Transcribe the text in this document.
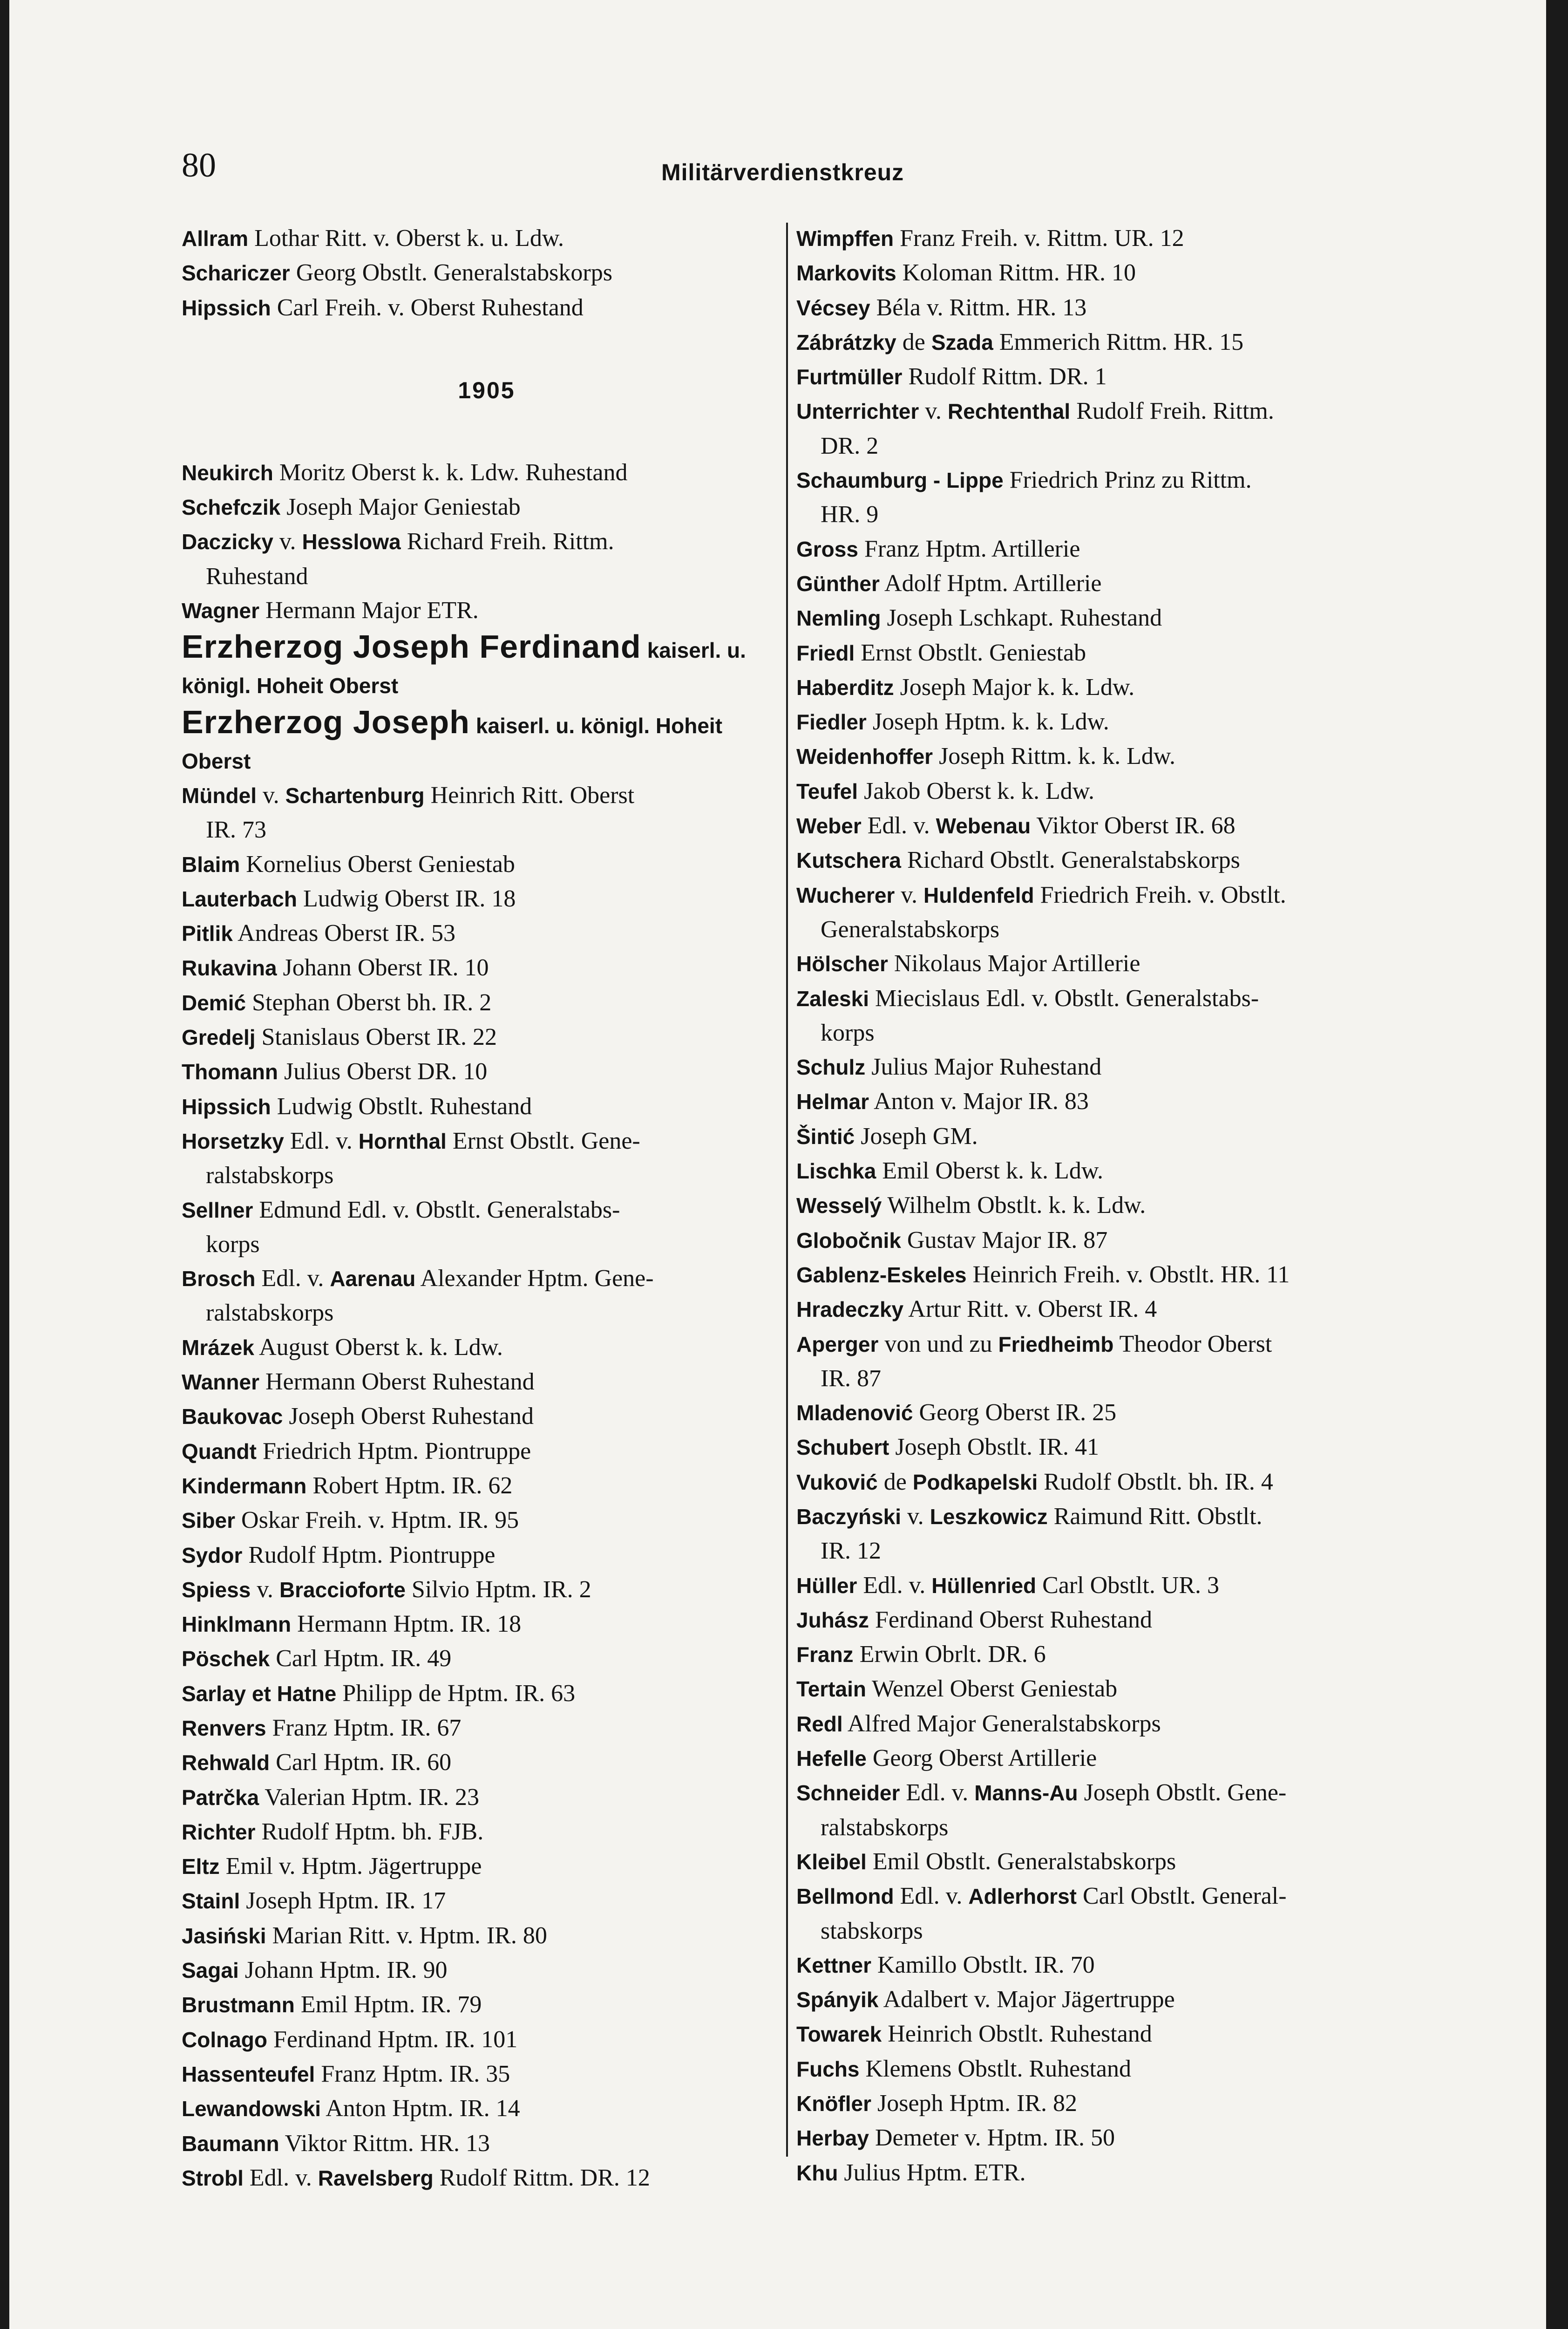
80	Militärverdienstkreuz
Allram Lothar Ritt. v. Oberst k. u. Ldw.
Schariczer Georg Obstlt. Generalstabskorps
Hipssich Carl Freih. v. Oberst Ruhestand
1905
Neukirch Moritz Oberst k. k. Ldw. Ruhestand
Schefczik Joseph Major Geniestab
Daczicky v. Hesslowa Richard Freih. Rittm.
Ruhestand
Wagner Hermann Major ETR.
Erzherzog Joseph Ferdinand kaiserl. u.
königl. Hoheit Oberst
Erzherzog Joseph kaiserl. u. königl. Hoheit
Oberst
Mündel v. Schartenburg Heinrich Ritt. Oberst
IR. 73
Blaim Kornelius Oberst Geniestab
Lauterbach Ludwig Oberst IR. 18
Pitlik Andreas Oberst IR. 53
Rukavina Johann Oberst IR. 10
Demić Stephan Oberst bh. IR. 2
Gredelj Stanislaus Oberst IR. 22
Thomann Julius Oberst DR. 10
Hipssich Ludwig Obstlt. Ruhestand
Horsetzky Edl. v. Hornthal Ernst Obstlt. Gene-
ralstabskorps
Sellner Edmund Edl. v. Obstlt. Generalstabs-
korps
Brosch Edl. v. Aarenau Alexander Hptm. Gene-
ralstabskorps
Mrázek August Oberst k. k. Ldw.
Wanner Hermann Oberst Ruhestand
Baukovac Joseph Oberst Ruhestand
Quandt Friedrich Hptm. Piontruppe
Kindermann Robert Hptm. IR. 62
Siber Oskar Freih. v. Hptm. IR. 95
Sydor Rudolf Hptm. Piontruppe
Spiess v. Braccioforte Silvio Hptm. IR. 2
Hinklmann Hermann Hptm. IR. 18
Pöschek Carl Hptm. IR. 49
Sarlay et Hatne Philipp de Hptm. IR. 63
Renvers Franz Hptm. IR. 67
Rehwald Carl Hptm. IR. 60
Patrčka Valerian Hptm. IR. 23
Richter Rudolf Hptm. bh. FJB.
Eltz Emil v. Hptm. Jägertruppe
Stainl Joseph Hptm. IR. 17
Jasiński Marian Ritt. v. Hptm. IR. 80
Sagai Johann Hptm. IR. 90
Brustmann Emil Hptm. IR. 79
Colnago Ferdinand Hptm. IR. 101
Hassenteufel Franz Hptm. IR. 35
Lewandowski Anton Hptm. IR. 14
Baumann Viktor Rittm. HR. 13
Strobl Edl. v. Ravelsberg Rudolf Rittm. DR. 12
Wimpffen Franz Freih. v. Rittm. UR. 12
Markovits Koloman Rittm. HR. 10
Vécsey Béla v. Rittm. HR. 13
Zábrátzky de Szada Emmerich Rittm. HR. 15
Furtmüller Rudolf Rittm. DR. 1
Unterrichter v. Rechtenthal Rudolf Freih. Rittm.
DR. 2
Schaumburg - Lippe Friedrich Prinz zu Rittm.
HR. 9
Gross Franz Hptm. Artillerie
Günther Adolf Hptm. Artillerie
Nemling Joseph Lschkapt. Ruhestand
Friedl Ernst Obstlt. Geniestab
Haberditz Joseph Major k. k. Ldw.
Fiedler Joseph Hptm. k. k. Ldw.
Weidenhoffer Joseph Rittm. k. k. Ldw.
Teufel Jakob Oberst k. k. Ldw.
Weber Edl. v. Webenau Viktor Oberst IR. 68
Kutschera Richard Obstlt. Generalstabskorps
Wucherer v. Huldenfeld Friedrich Freih. v. Obstlt.
Generalstabskorps
Hölscher Nikolaus Major Artillerie
Zaleski Miecislaus Edl. v. Obstlt. Generalstabs-
korps
Schulz Julius Major Ruhestand
Helmar Anton v. Major IR. 83
Šintić Joseph GM.
Lischka Emil Oberst k. k. Ldw.
Wesselý Wilhelm Obstlt. k. k. Ldw.
Globočnik Gustav Major IR. 87
Gablenz-Eskeles Heinrich Freih. v. Obstlt. HR. 11
Hradeczky Artur Ritt. v. Oberst IR. 4
Aperger von und zu Friedheimb Theodor Oberst
IR. 87
Mladenović Georg Oberst IR. 25
Schubert Joseph Obstlt. IR. 41
Vuković de Podkapelski Rudolf Obstlt. bh. IR. 4
Baczyński v. Leszkowicz Raimund Ritt. Obstlt.
IR. 12
Hüller Edl. v. Hüllenried Carl Obstlt. UR. 3
Juhász Ferdinand Oberst Ruhestand
Franz Erwin Obrlt. DR. 6
Tertain Wenzel Oberst Geniestab
Redl Alfred Major Generalstabskorps
Hefelle Georg Oberst Artillerie
Schneider Edl. v. Manns-Au Joseph Obstlt. Gene-
ralstabskorps
Kleibel Emil Obstlt. Generalstabskorps
Bellmond Edl. v. Adlerhorst Carl Obstlt. General-
stabskorps
Kettner Kamillo Obstlt. IR. 70
Spányik Adalbert v. Major Jägertruppe
Towarek Heinrich Obstlt. Ruhestand
Fuchs Klemens Obstlt. Ruhestand
Knöfler Joseph Hptm. IR. 82
Herbay Demeter v. Hptm. IR. 50
Khu Julius Hptm. ETR.
